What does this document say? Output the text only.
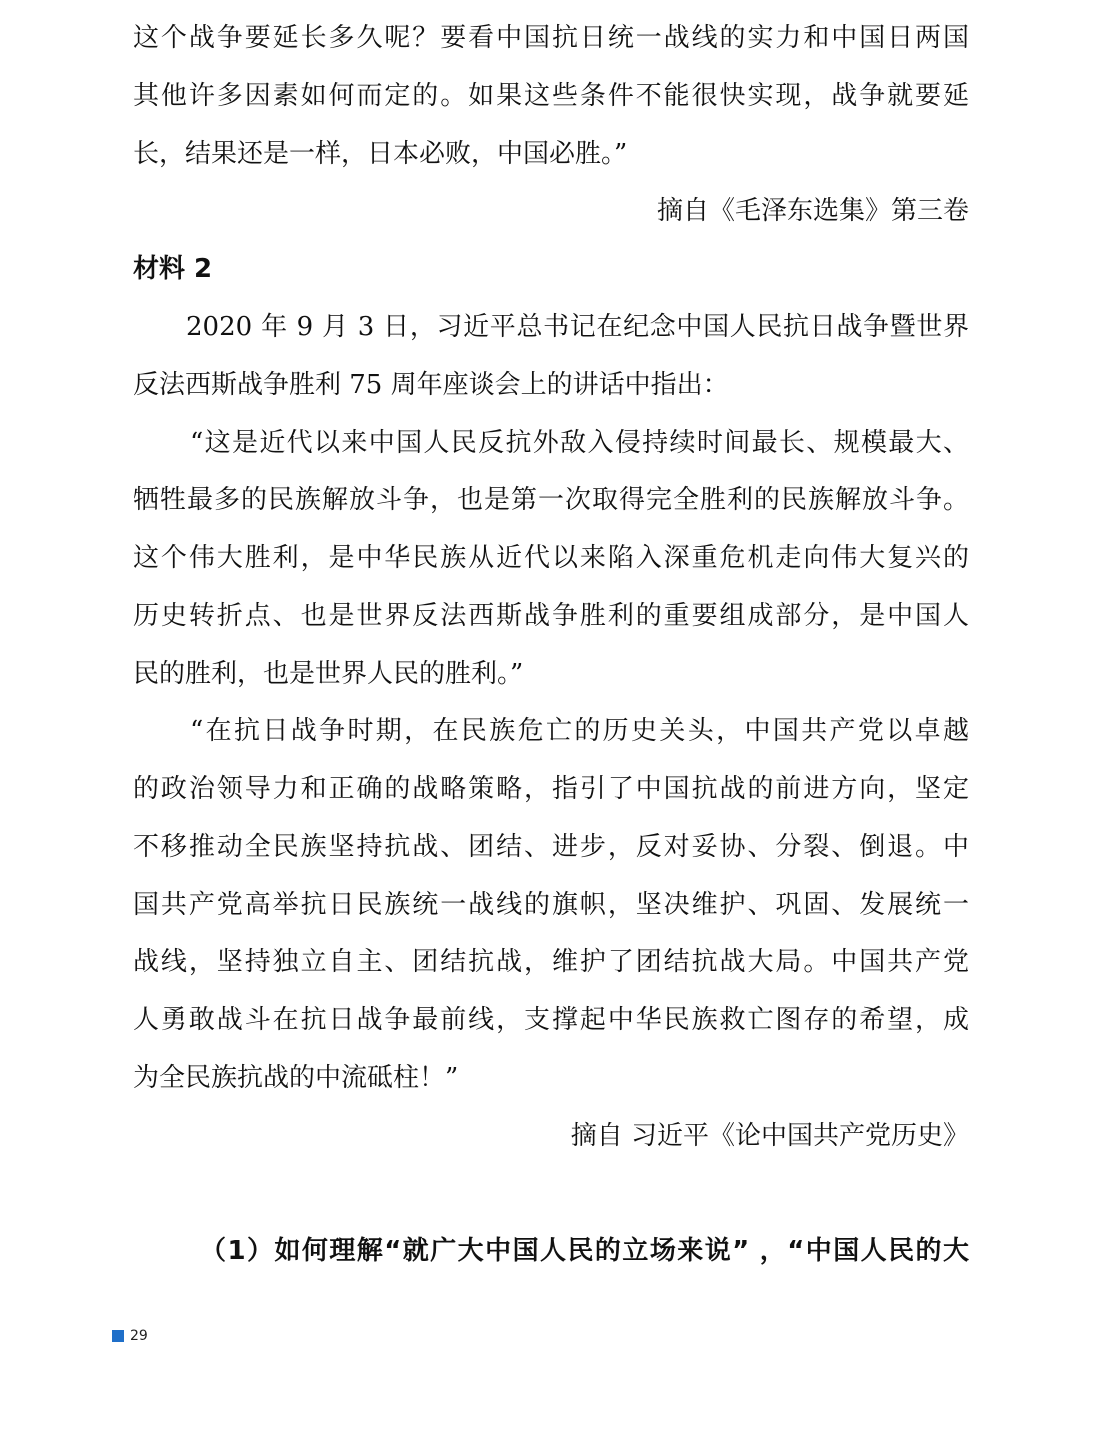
这个战争要延长多久呢？要看中国抗日统一战线的实力和中国日两国
其他许多因素如何而定的。如果这些条件不能很快实现，战争就要延
长，结果还是一样，日本必败，中国必胜。”
摘自《毛泽东选集》第三卷
材料 2
2020 年 9 月 3 日，习近平总书记在纪念中国人民抗日战争暨世界
反法西斯战争胜利 75 周年座谈会上的讲话中指出：
“这是近代以来中国人民反抗外敌入侵持续时间最长、规模最大、
牺牲最多的民族解放斗争，也是第一次取得完全胜利的民族解放斗争。
这个伟大胜利，是中华民族从近代以来陷入深重危机走向伟大复兴的
历史转折点、也是世界反法西斯战争胜利的重要组成部分，是中国人
民的胜利，也是世界人民的胜利。”
“在抗日战争时期，在民族危亡的历史关头，中国共产党以卓越
的政治领导力和正确的战略策略，指引了中国抗战的前进方向，坚定
不移推动全民族坚持抗战、团结、进步，反对妥协、分裂、倒退。中
国共产党高举抗日民族统一战线的旗帜，坚决维护、巩固、发展统一
战线，坚持独立自主、团结抗战，维护了团结抗战大局。中国共产党
人勇敢战斗在抗日战争最前线，支撑起中华民族救亡图存的希望，成
为全民族抗战的中流砥柱！”
摘自 习近平《论中国共产党历史》
（1）如何理解“就广大中国人民的立场来说” ，“中国人民的大
29
